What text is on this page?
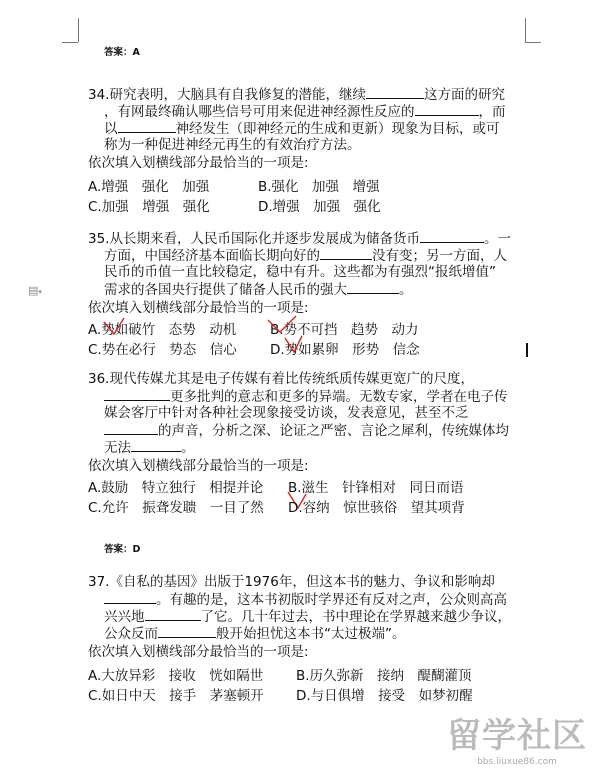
答案：A
34.研究表明，大脑具有自我修复的潜能，继续	这方面的研究
，有网最终确认哪些信号可用来促进神经源性反应的	，而
以	神经发生（即神经元的生成和更新）现象为目标，或可
称为一种促进神经元再生的有效治疗方法。
依次填入划横线部分最恰当的一项是:
A.增强　强化　加强	B.强化　加强　增强
C.加强　增强　强化	D.增强　加强　强化
35.从长期来看，人民币国际化并逐步发展成为储备货币	。一
方面，中国经济基本面临长期向好的	没有变；另一方面，人
民币的币值一直比较稳定，稳中有升。这些都为有强烈“报纸增值”
需求的各国央行提供了储备人民币的强大	。
▤▾
依次填入划横线部分最恰当的一项是:
A.势如破竹　态势　动机 B.势不可挡　趋势　动力
C.势在必行　势态　信心 D.势如累卵　形势　信念
36.现代传媒尤其是电子传媒有着比传统纸质传媒更宽广的尺度，
更多批判的意志和更多的异端。无数专家，学者在电子传
媒会客厅中针对各种社会现象接受访谈，发表意见，甚至不乏
的声音，分析之深、论证之严密、言论之犀利，传统媒体均
无法	。
依次填入划横线部分最恰当的一项是:
A.鼓励　特立独行　相提并论 B.滋生　针锋相对　同日而语
C.允许　振聋发聩　一目了然 D.容纳　惊世骇俗　望其项背
答案：D
37.《自私的基因》出版于1976年，但这本书的魅力、争议和影响却
。有趣的是，这本书初版时学界还有反对之声，公众则高高
兴兴地	了它。几十年过去，书中理论在学界越来越少争议，
公众反而	般开始担忧这本书“太过极端”。
依次填入划横线部分最恰当的一项是:
A.大放异彩　接收　恍如隔世 B.历久弥新　接纳　醍醐灌顶
C.如日中天　接手　茅塞顿开 D.与日俱增　接受　如梦初醒
留学社区
bbs.liuxue86.com
